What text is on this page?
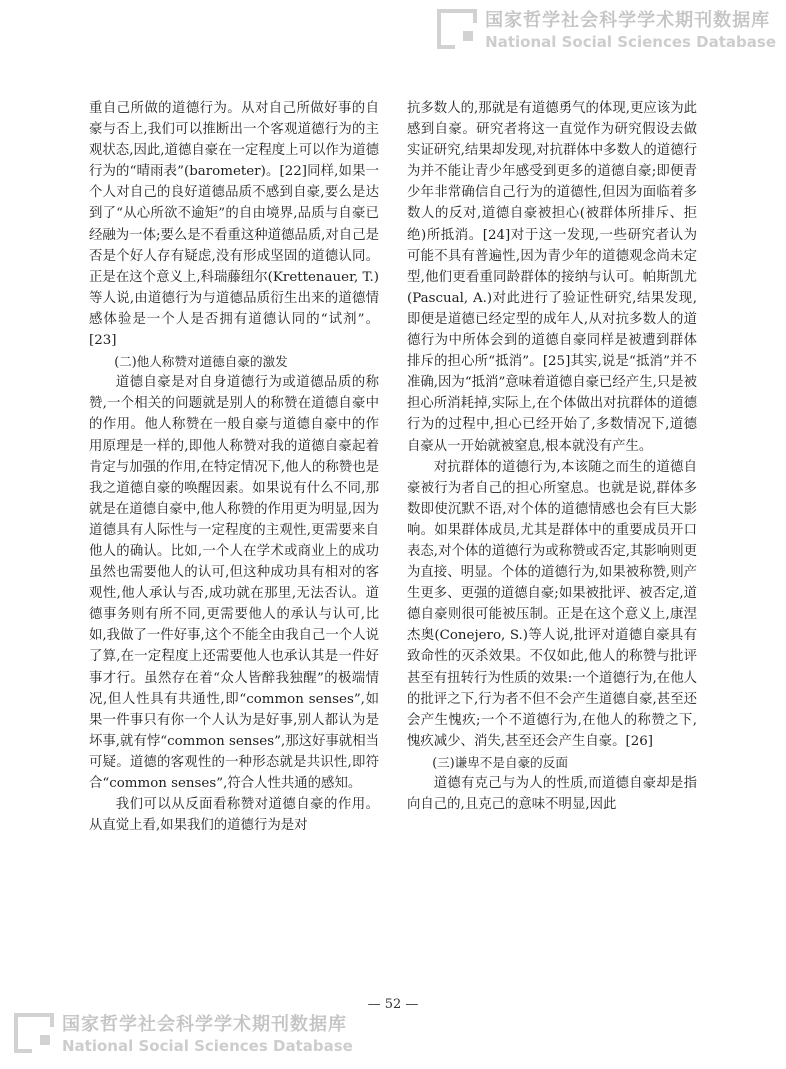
国家哲学社会科学学术期刊数据库
National Social Sciences Database

重自己所做的道德行为。从对自己所做好事的自豪与否上,我们可以推断出一个客观道德行为的主观状态,因此,道德自豪在一定程度上可以作为道德行为的“晴雨表”(barometer)。[22]同样,如果一个人对自己的良好道德品质不感到自豪,要么是达到了“从心所欲不逾矩”的自由境界,品质与自豪已经融为一体;要么是不看重这种道德品质,对自己是否是个好人存有疑虑,没有形成坚固的道德认同。正是在这个意义上,科瑞藤纽尔(Krettenauer, T.)等人说,由道德行为与道德品质衍生出来的道德情感体验是一个人是否拥有道德认同的“试剂”。[23]

(二)他人称赞对道德自豪的激发

道德自豪是对自身道德行为或道德品质的称赞,一个相关的问题就是别人的称赞在道德自豪中的作用。他人称赞在一般自豪与道德自豪中的作用原理是一样的,即他人称赞对我的道德自豪起着肯定与加强的作用,在特定情况下,他人的称赞也是我之道德自豪的唤醒因素。如果说有什么不同,那就是在道德自豪中,他人称赞的作用更为明显,因为道德具有人际性与一定程度的主观性,更需要来自他人的确认。比如,一个人在学术或商业上的成功虽然也需要他人的认可,但这种成功具有相对的客观性,他人承认与否,成功就在那里,无法否认。道德事务则有所不同,更需要他人的承认与认可,比如,我做了一件好事,这个不能全由我自己一个人说了算,在一定程度上还需要他人也承认其是一件好事才行。虽然存在着“众人皆醉我独醒”的极端情况,但人性具有共通性,即“common senses”,如果一件事只有你一个人认为是好事,别人都认为是坏事,就有悖“common senses”,那这好事就相当可疑。道德的客观性的一种形态就是共识性,即符合“common senses”,符合人性共通的感知。

我们可以从反面看称赞对道德自豪的作用。从直觉上看,如果我们的道德行为是对

抗多数人的,那就是有道德勇气的体现,更应该为此感到自豪。研究者将这一直觉作为研究假设去做实证研究,结果却发现,对抗群体中多数人的道德行为并不能让青少年感受到更多的道德自豪;即便青少年非常确信自己行为的道德性,但因为面临着多数人的反对,道德自豪被担心(被群体所排斥、拒绝)所抵消。[24]对于这一发现,一些研究者认为可能不具有普遍性,因为青少年的道德观念尚未定型,他们更看重同龄群体的接纳与认可。帕斯凯尤(Pascual, A.)对此进行了验证性研究,结果发现,即便是道德已经定型的成年人,从对抗多数人的道德行为中所体会到的道德自豪同样是被遭到群体排斥的担心所“抵消”。[25]其实,说是“抵消”并不准确,因为“抵消”意味着道德自豪已经产生,只是被担心所消耗掉,实际上,在个体做出对抗群体的道德行为的过程中,担心已经开始了,多数情况下,道德自豪从一开始就被窒息,根本就没有产生。

对抗群体的道德行为,本该随之而生的道德自豪被行为者自己的担心所窒息。也就是说,群体多数即使沉默不语,对个体的道德情感也会有巨大影响。如果群体成员,尤其是群体中的重要成员开口表态,对个体的道德行为或称赞或否定,其影响则更为直接、明显。个体的道德行为,如果被称赞,则产生更多、更强的道德自豪;如果被批评、被否定,道德自豪则很可能被压制。正是在这个意义上,康涅杰奥(Conejero, S.)等人说,批评对道德自豪具有致命性的灭杀效果。不仅如此,他人的称赞与批评甚至有扭转行为性质的效果:一个道德行为,在他人的批评之下,行为者不但不会产生道德自豪,甚至还会产生愧疚;一个不道德行为,在他人的称赞之下,愧疚减少、消失,甚至还会产生自豪。[26]

(三)谦卑不是自豪的反面

道德有克己与为人的性质,而道德自豪却是指向自己的,且克己的意味不明显,因此

— 52 —
国家哲学社会科学学术期刊数据库
National Social Sciences Database
